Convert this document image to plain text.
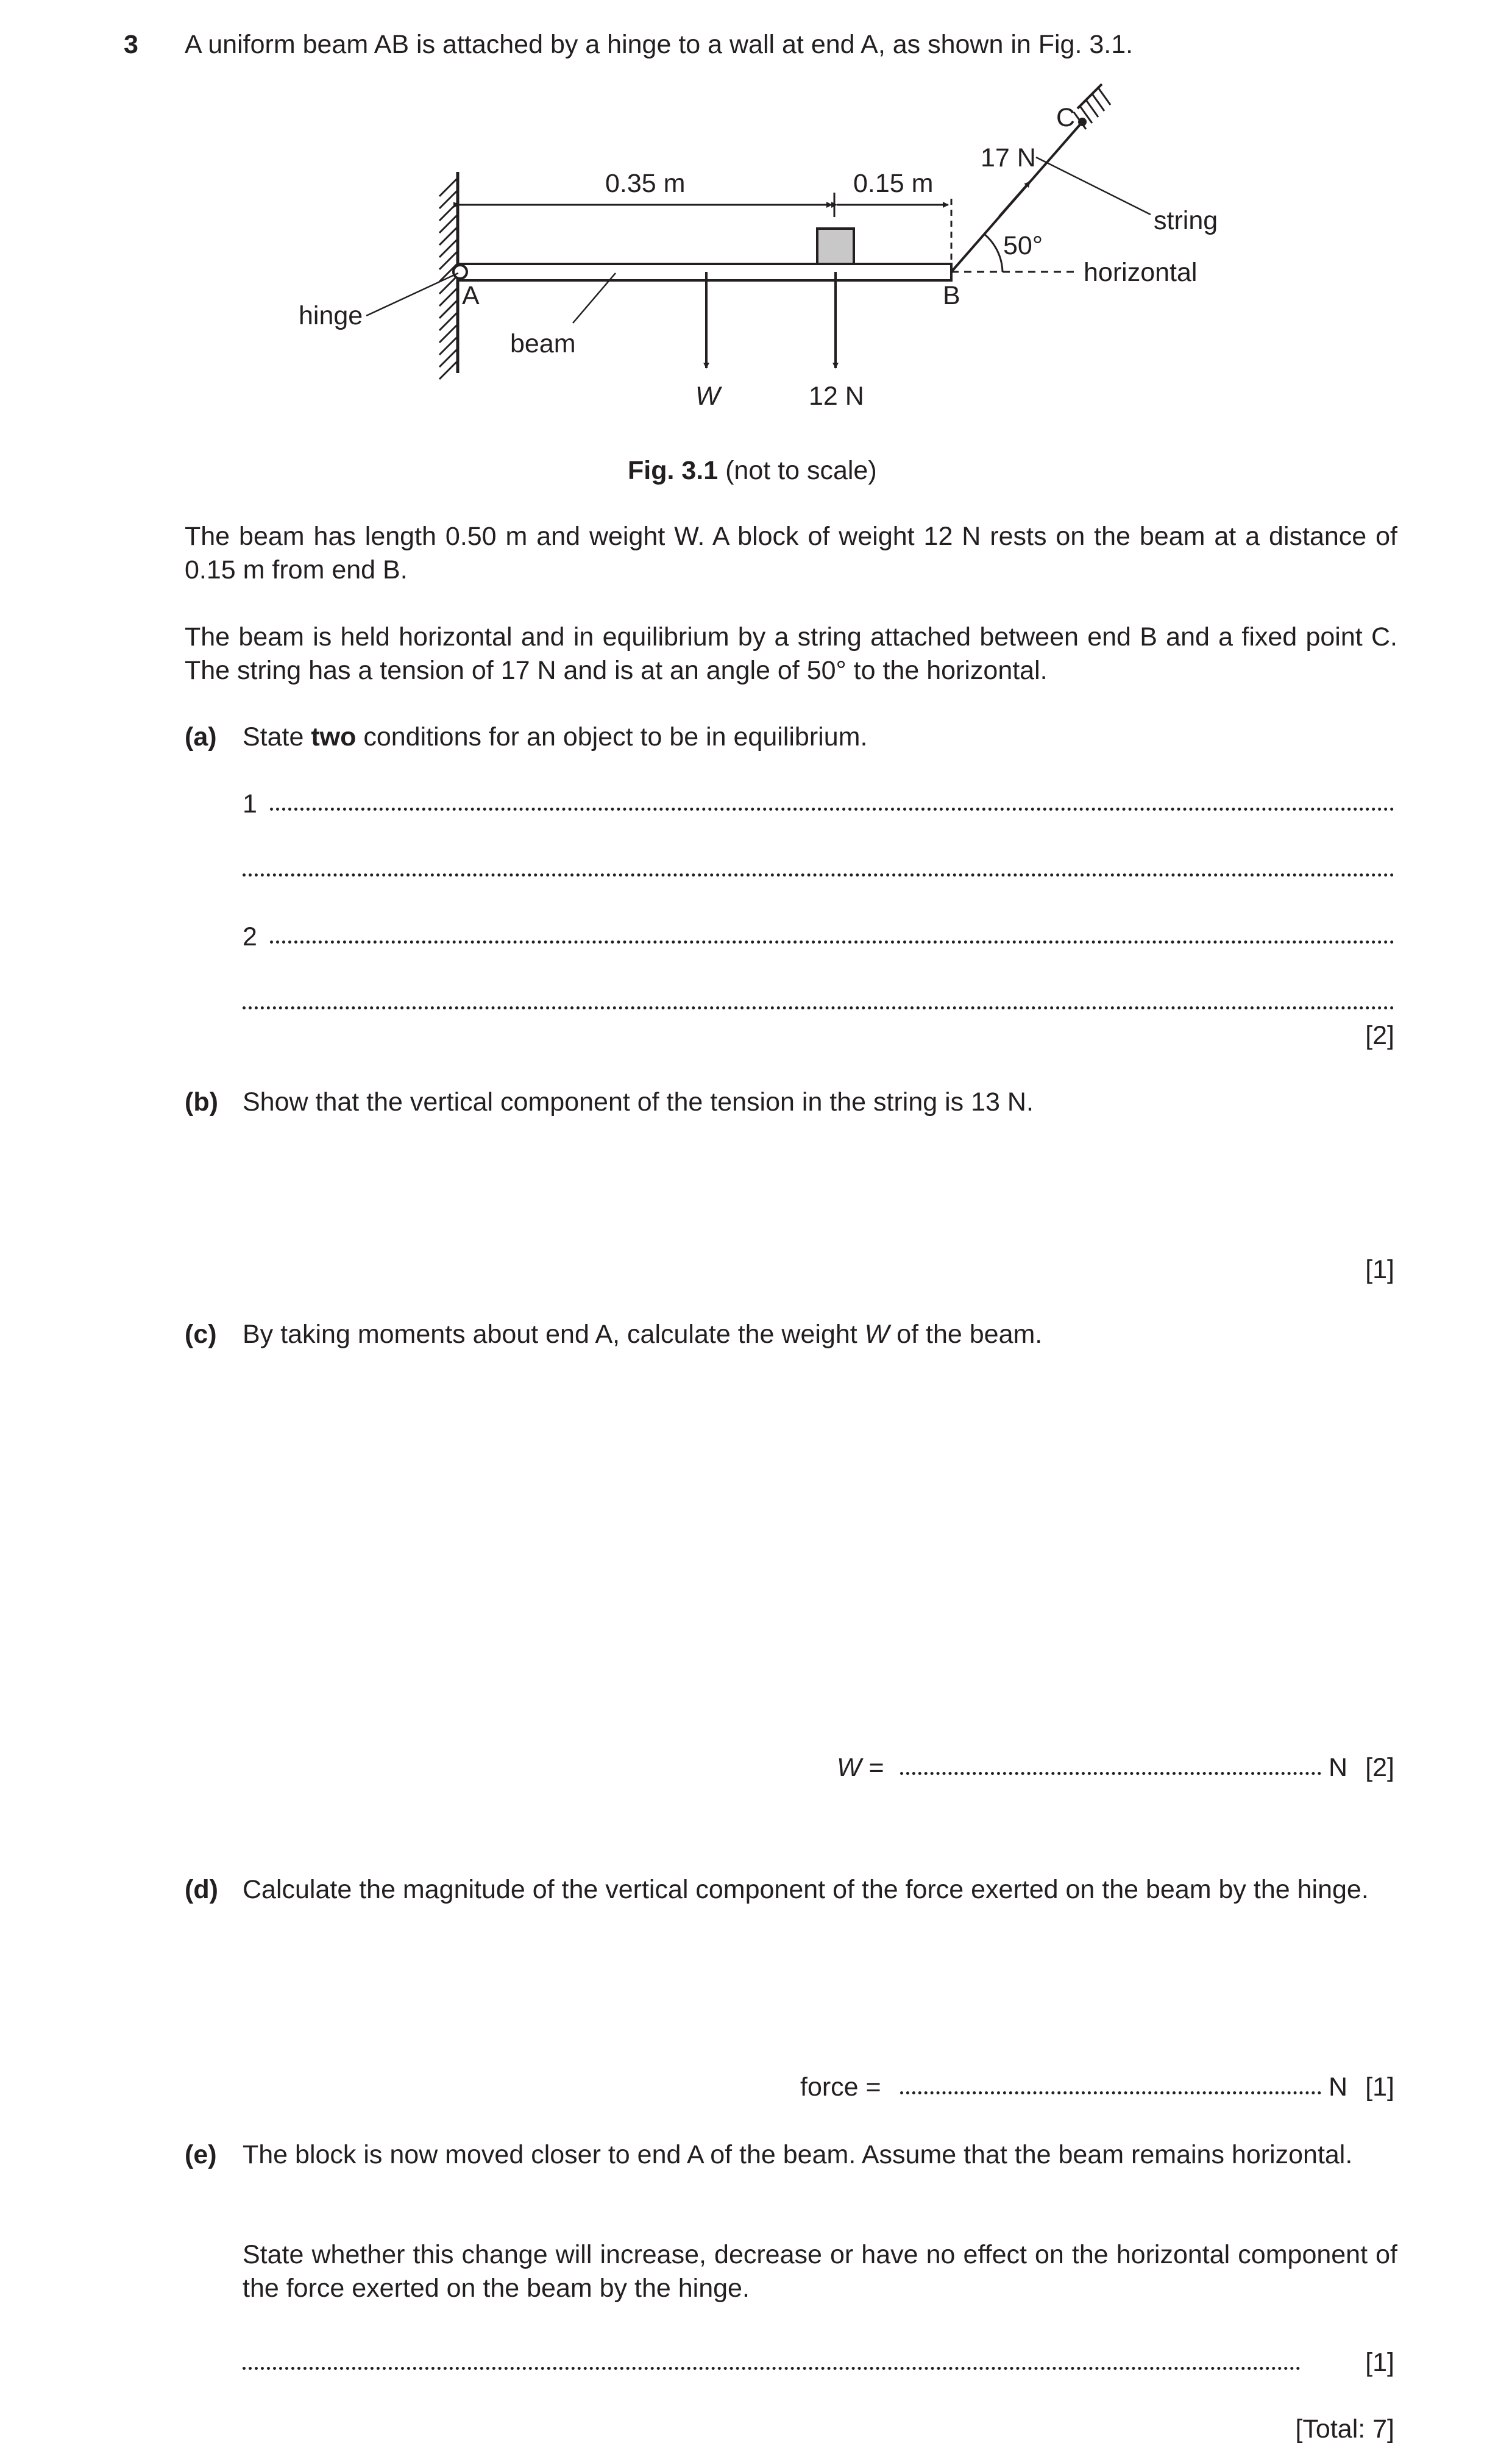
3 A uniform beam AB is attached by a hinge to a wall at end A, as shown in Fig. 3.1.
0.35 m	0.15 m
17 N
C
string
50°
horizontal
A	B
hinge
beam
W	12 N
Fig. 3.1 (not to scale)
The beam has length 0.50 m and weight W. A block of weight 12 N rests on the beam at a distance of 0.15 m from end B.
The beam is held horizontal and in equilibrium by a string attached between end B and a fixed point C. The string has a tension of 17 N and is at an angle of 50° to the horizontal.
(a) State two conditions for an object to be in equilibrium.
1
2
[2]
(b) Show that the vertical component of the tension in the string is 13 N.
[1]
(c) By taking moments about end A, calculate the weight W of the beam.
W =	N [2]
(d) Calculate the magnitude of the vertical component of the force exerted on the beam by the hinge.
force =	N [1]
(e) The block is now moved closer to end A of the beam. Assume that the beam remains horizontal.
State whether this change will increase, decrease or have no effect on the horizontal component of the force exerted on the beam by the hinge.
[1]
[Total: 7]
